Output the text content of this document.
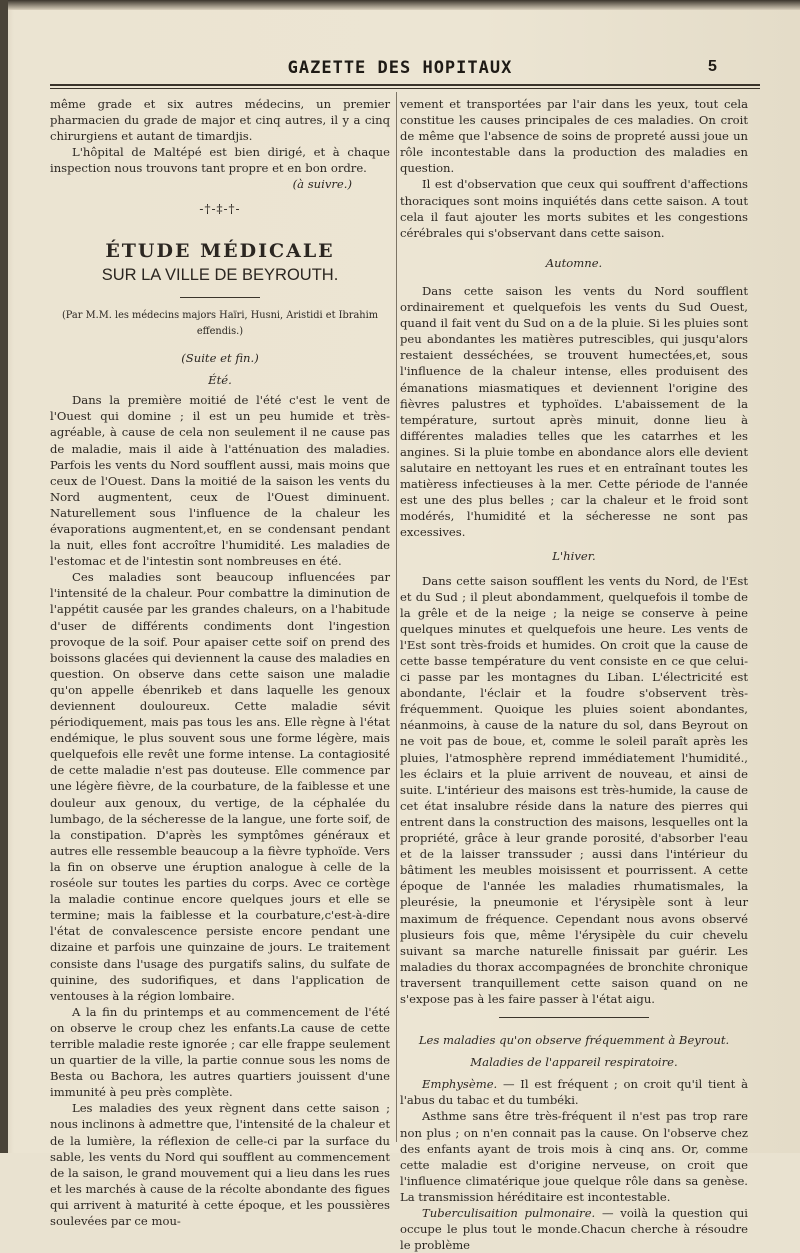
GAZETTE DES HOPITAUX	5

même grade et six autres médecins, un premier pharmacien du grade de major et cinq autres, il y a cinq chirurgiens et autant de timardjis.

L'hôpital de Maltépé est bien dirigé, et à chaque inspection nous trouvons tant propre et en bon ordre.

(à suivre.)

-†-‡-†-
ÉTUDE MÉDICALE
SUR LA VILLE DE BEYROUTH.
(Par M.M. les médecins majors Haïri, Husni, Aristidi et Ibrahim effendis.)
(Suite et fin.)
Été.

Dans la première moitié de l'été c'est le vent de l'Ouest qui domine ; il est un peu humide et très-agréable, à cause de cela non seulement il ne cause pas de maladie, mais il aide à l'atténuation des maladies. Parfois les vents du Nord soufflent aussi, mais moins que ceux de l'Ouest. Dans la moitié de la saison les vents du Nord augmentent, ceux de l'Ouest diminuent. Naturellement sous l'influence de la chaleur les évaporations augmentent,et, en se condensant pendant la nuit, elles font accroître l'humidité. Les maladies de l'estomac et de l'intestin sont nombreuses en été.

Ces maladies sont beaucoup influencées par l'intensité de la chaleur. Pour combattre la diminution de l'appétit causée par les grandes chaleurs, on a l'habitude d'user de différents condiments dont l'ingestion provoque de la soif. Pour apaiser cette soif on prend des boissons glacées qui deviennent la cause des maladies en question. On observe dans cette saison une maladie qu'on appelle ébenrikeb et dans laquelle les genoux deviennent douloureux. Cette maladie sévit périodiquement, mais pas tous les ans. Elle règne à l'état endémique, le plus souvent sous une forme légère, mais quelquefois elle revêt une forme intense. La contagiosité de cette maladie n'est pas douteuse. Elle commence par une légère fièvre, de la courbature, de la faiblesse et une douleur aux genoux, du vertige, de la céphalée du lumbago, de la sécheresse de la langue, une forte soif, de la constipation. D'après les symptômes généraux et autres elle ressemble beaucoup a la fièvre typhoïde. Vers la fin on observe une éruption analogue à celle de la roséole sur toutes les parties du corps. Avec ce cortège la maladie continue encore quelques jours et elle se termine; mais la faiblesse et la courbature,c'est-à-dire l'état de convalescence persiste encore pendant une dizaine et parfois une quinzaine de jours. Le traitement consiste dans l'usage des purgatifs salins, du sulfate de quinine, des sudorifiques, et dans l'application de ventouses à la région lombaire.

A la fin du printemps et au commencement de l'été on observe le croup chez les enfants.La cause de cette terrible maladie reste ignorée ; car elle frappe seulement un quartier de la ville, la partie connue sous les noms de Besta ou Bachora, les autres quartiers jouissent d'une immunité à peu près complète.

Les maladies des yeux règnent dans cette saison ; nous inclinons à admettre que, l'intensité de la chaleur et de la lumière, la réflexion de celle-ci par la surface du sable, les vents du Nord qui soufflent au commencement de la saison, le grand mouvement qui a lieu dans les rues et les marchés à cause de la récolte abondante des figues qui arrivent à maturité à cette époque, et les poussières soulevées par ce mou-

vement et transportées par l'air dans les yeux, tout cela constitue les causes principales de ces maladies. On croit de même que l'absence de soins de propreté aussi joue un rôle incontestable dans la production des maladies en question.

Il est d'observation que ceux qui souffrent d'affections thoraciques sont moins inquiétés dans cette saison. A tout cela il faut ajouter les morts subites et les congestions cérébrales qui s'observant dans cette saison.

Automne.

Dans cette saison les vents du Nord soufflent ordinairement et quelquefois les vents du Sud Ouest, quand il fait vent du Sud on a de la pluie. Si les pluies sont peu abondantes les matières putrescibles, qui jusqu'alors restaient desséchées, se trouvent humectées,et, sous l'influence de la chaleur intense, elles produisent des émanations miasmatiques et deviennent l'origine des fièvres palustres et typhoïdes. L'abaissement de la température, surtout après minuit, donne lieu à différentes maladies telles que les catarrhes et les angines. Si la pluie tombe en abondance alors elle devient salutaire en nettoyant les rues et en entraînant toutes les matièress infectieuses à la mer. Cette période de l'année est une des plus belles ; car la chaleur et le froid sont modérés, l'humidité et la sécheresse ne sont pas excessives.

L'hiver.

Dans cette saison soufflent les vents du Nord, de l'Est et du Sud ; il pleut abondamment, quelquefois il tombe de la grêle et de la neige ; la neige se conserve à peine quelques minutes et quelquefois une heure. Les vents de l'Est sont très-froids et humides. On croit que la cause de cette basse température du vent consiste en ce que celui-ci passe par les montagnes du Liban. L'électricité est abondante, l'éclair et la foudre s'observent très-fréquemment. Quoique les pluies soient abondantes, néanmoins, à cause de la nature du sol, dans Beyrout on ne voit pas de boue, et, comme le soleil paraît après les pluies, l'atmosphère reprend immédiatement l'humidité., les éclairs et la pluie arrivent de nouveau, et ainsi de suite. L'intérieur des maisons est très-humide, la cause de cet état insalubre réside dans la nature des pierres qui entrent dans la construction des maisons, lesquelles ont la propriété, grâce à leur grande porosité, d'absorber l'eau et de la laisser transsuder ; aussi dans l'intérieur du bâtiment les meubles moisissent et pourrissent. A cette époque de l'année les maladies rhumatismales, la pleurésie, la pneumonie et l'érysipèle sont à leur maximum de fréquence. Cependant nous avons observé plusieurs fois que, même l'érysipèle du cuir chevelu suivant sa marche naturelle finissait par guérir. Les maladies du thorax accompagnées de bronchite chronique traversent tranquillement cette saison quand on ne s'expose pas à les faire passer à l'état aigu.

Les maladies qu'on observe fréquemment à Beyrout.
Maladies de l'appareil respiratoire.

Emphysème. — Il est fréquent ; on croit qu'il tient à l'abus du tabac et du tumbéki.

Asthme sans être très-fréquent il n'est pas trop rare non plus ; on n'en connait pas la cause. On l'observe chez des enfants ayant de trois mois à cinq ans. Or, comme cette maladie est d'origine nerveuse, on croit que l'influence climatérique joue quelque rôle dans sa genèse. La transmission héréditaire est incontestable.

Tuberculisaition pulmonaire. — voilà la question qui occupe le plus tout le monde.Chacun cherche à résoudre le problème
